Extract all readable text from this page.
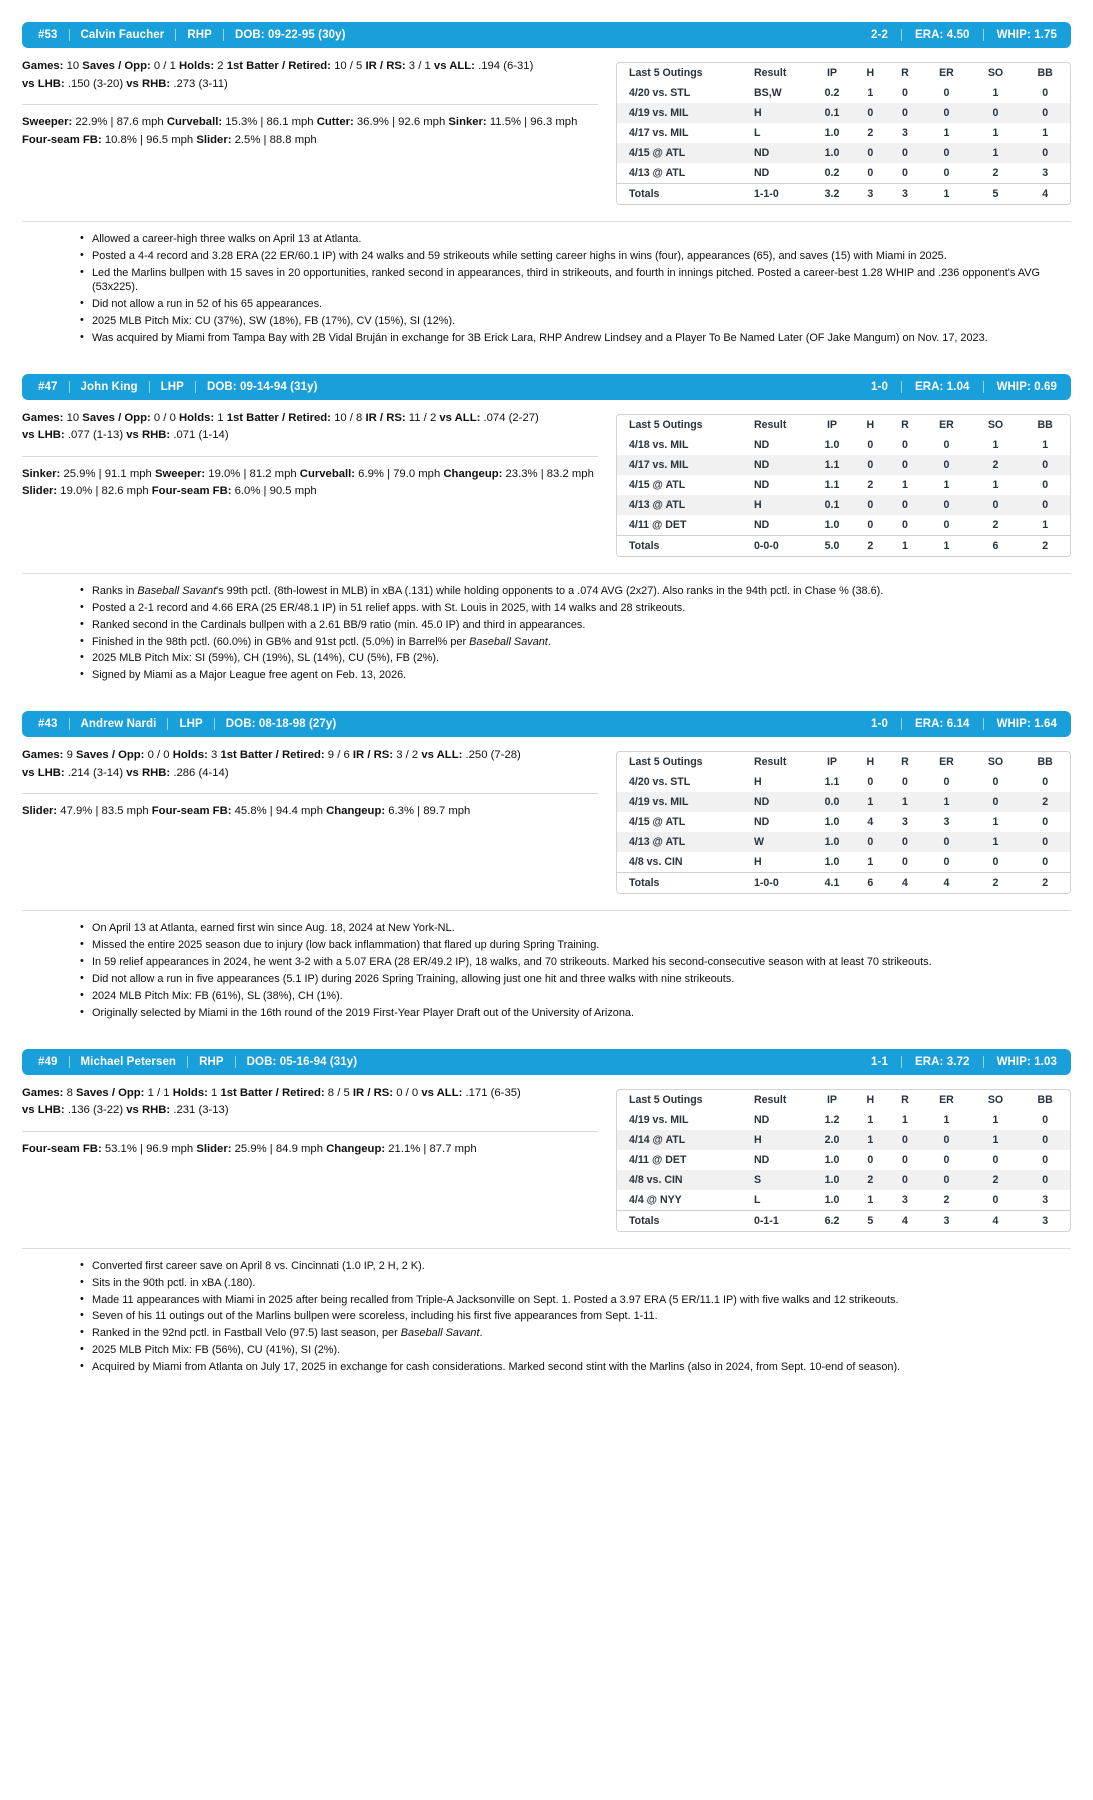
#53 Calvin Faucher RHP DOB: 09-22-95 (30y)	2-2 ERA: 4.50 WHIP: 1.75
Games: 10 Saves / Opp: 0 / 1 Holds: 2 1st Batter / Retired: 10 / 5 IR / RS: 3 / 1 vs ALL: .194 (6-31)
vs LHB: .150 (3-20) vs RHB: .273 (3-11)
Sweeper: 22.9% | 87.6 mph Curveball: 15.3% | 86.1 mph Cutter: 36.9% | 92.6 mph Sinker: 11.5% | 96.3 mph
Four-seam FB: 10.8% | 96.5 mph Slider: 2.5% | 88.8 mph
Last 5 Outings	Result	IP	H	R	ER	SO	BB
4/20 vs. STL	BS,W	0.2	1	0	0	1	0
4/19 vs. MIL	H	0.1	0	0	0	0	0
4/17 vs. MIL	L	1.0	2	3	1	1	1
4/15 @ ATL	ND	1.0	0	0	0	1	0
4/13 @ ATL	ND	0.2	0	0	0	2	3
Totals	1-1-0	3.2	3	3	1	5	4
• Allowed a career-high three walks on April 13 at Atlanta.
• Posted a 4-4 record and 3.28 ERA (22 ER/60.1 IP) with 24 walks and 59 strikeouts while setting career highs in wins (four), appearances (65), and saves (15) with Miami in 2025.
• Led the Marlins bullpen with 15 saves in 20 opportunities, ranked second in appearances, third in strikeouts, and fourth in innings pitched. Posted a career-best 1.28 WHIP and .236 opponent's AVG (53x225).
• Did not allow a run in 52 of his 65 appearances.
• 2025 MLB Pitch Mix: CU (37%), SW (18%), FB (17%), CV (15%), SI (12%).
• Was acquired by Miami from Tampa Bay with 2B Vidal Bruján in exchange for 3B Erick Lara, RHP Andrew Lindsey and a Player To Be Named Later (OF Jake Mangum) on Nov. 17, 2023.
#47 John King LHP DOB: 09-14-94 (31y)	1-0 ERA: 1.04 WHIP: 0.69
Games: 10 Saves / Opp: 0 / 0 Holds: 1 1st Batter / Retired: 10 / 8 IR / RS: 11 / 2 vs ALL: .074 (2-27)
vs LHB: .077 (1-13) vs RHB: .071 (1-14)
Sinker: 25.9% | 91.1 mph Sweeper: 19.0% | 81.2 mph Curveball: 6.9% | 79.0 mph Changeup: 23.3% | 83.2 mph
Slider: 19.0% | 82.6 mph Four-seam FB: 6.0% | 90.5 mph
Last 5 Outings	Result	IP	H	R	ER	SO	BB
4/18 vs. MIL	ND	1.0	0	0	0	1	1
4/17 vs. MIL	ND	1.1	0	0	0	2	0
4/15 @ ATL	ND	1.1	2	1	1	1	0
4/13 @ ATL	H	0.1	0	0	0	0	0
4/11 @ DET	ND	1.0	0	0	0	2	1
Totals	0-0-0	5.0	2	1	1	6	2
• Ranks in Baseball Savant's 99th pctl. (8th-lowest in MLB) in xBA (.131) while holding opponents to a .074 AVG (2x27). Also ranks in the 94th pctl. in Chase % (38.6).
• Posted a 2-1 record and 4.66 ERA (25 ER/48.1 IP) in 51 relief apps. with St. Louis in 2025, with 14 walks and 28 strikeouts.
• Ranked second in the Cardinals bullpen with a 2.61 BB/9 ratio (min. 45.0 IP) and third in appearances.
• Finished in the 98th pctl. (60.0%) in GB% and 91st pctl. (5.0%) in Barrel% per Baseball Savant.
• 2025 MLB Pitch Mix: SI (59%), CH (19%), SL (14%), CU (5%), FB (2%).
• Signed by Miami as a Major League free agent on Feb. 13, 2026.
#43 Andrew Nardi LHP DOB: 08-18-98 (27y)	1-0 ERA: 6.14 WHIP: 1.64
Games: 9 Saves / Opp: 0 / 0 Holds: 3 1st Batter / Retired: 9 / 6 IR / RS: 3 / 2 vs ALL: .250 (7-28)
vs LHB: .214 (3-14) vs RHB: .286 (4-14)
Slider: 47.9% | 83.5 mph Four-seam FB: 45.8% | 94.4 mph Changeup: 6.3% | 89.7 mph
Last 5 Outings	Result	IP	H	R	ER	SO	BB
4/20 vs. STL	H	1.1	0	0	0	0	0
4/19 vs. MIL	ND	0.0	1	1	1	0	2
4/15 @ ATL	ND	1.0	4	3	3	1	0
4/13 @ ATL	W	1.0	0	0	0	1	0
4/8 vs. CIN	H	1.0	1	0	0	0	0
Totals	1-0-0	4.1	6	4	4	2	2
• On April 13 at Atlanta, earned first win since Aug. 18, 2024 at New York-NL.
• Missed the entire 2025 season due to injury (low back inflammation) that flared up during Spring Training.
• In 59 relief appearances in 2024, he went 3-2 with a 5.07 ERA (28 ER/49.2 IP), 18 walks, and 70 strikeouts. Marked his second-consecutive season with at least 70 strikeouts.
• Did not allow a run in five appearances (5.1 IP) during 2026 Spring Training, allowing just one hit and three walks with nine strikeouts.
• 2024 MLB Pitch Mix: FB (61%), SL (38%), CH (1%).
• Originally selected by Miami in the 16th round of the 2019 First-Year Player Draft out of the University of Arizona.
#49 Michael Petersen RHP DOB: 05-16-94 (31y)	1-1 ERA: 3.72 WHIP: 1.03
Games: 8 Saves / Opp: 1 / 1 Holds: 1 1st Batter / Retired: 8 / 5 IR / RS: 0 / 0 vs ALL: .171 (6-35)
vs LHB: .136 (3-22) vs RHB: .231 (3-13)
Four-seam FB: 53.1% | 96.9 mph Slider: 25.9% | 84.9 mph Changeup: 21.1% | 87.7 mph
Last 5 Outings	Result	IP	H	R	ER	SO	BB
4/19 vs. MIL	ND	1.2	1	1	1	1	0
4/14 @ ATL	H	2.0	1	0	0	1	0
4/11 @ DET	ND	1.0	0	0	0	0	0
4/8 vs. CIN	S	1.0	2	0	0	2	0
4/4 @ NYY	L	1.0	1	3	2	0	3
Totals	0-1-1	6.2	5	4	3	4	3
• Converted first career save on April 8 vs. Cincinnati (1.0 IP, 2 H, 2 K).
• Sits in the 90th pctl. in xBA (.180).
• Made 11 appearances with Miami in 2025 after being recalled from Triple-A Jacksonville on Sept. 1. Posted a 3.97 ERA (5 ER/11.1 IP) with five walks and 12 strikeouts.
• Seven of his 11 outings out of the Marlins bullpen were scoreless, including his first five appearances from Sept. 1-11.
• Ranked in the 92nd pctl. in Fastball Velo (97.5) last season, per Baseball Savant.
• 2025 MLB Pitch Mix: FB (56%), CU (41%), SI (2%).
• Acquired by Miami from Atlanta on July 17, 2025 in exchange for cash considerations. Marked second stint with the Marlins (also in 2024, from Sept. 10-end of season).
